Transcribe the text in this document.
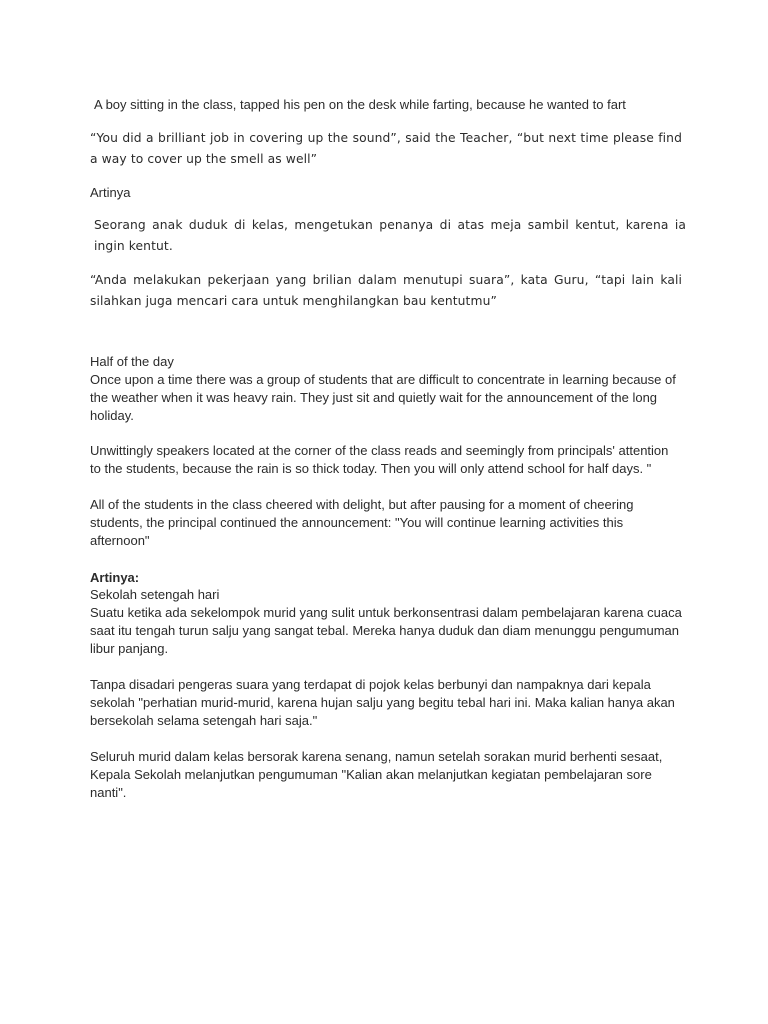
A boy sitting in the class, tapped his pen on the desk while farting, because he wanted to fart

“You did a brilliant job in covering up the sound”, said the Teacher, “but next time please find a way to cover up the smell as well”

Artinya

Seorang anak duduk di kelas, mengetukan penanya di atas meja sambil kentut, karena ia ingin kentut.

“Anda melakukan pekerjaan yang brilian dalam menutupi suara”, kata Guru, “tapi lain kali silahkan juga mencari cara untuk menghilangkan bau kentutmu”

Half of the day

Once upon a time there was a group of students that are difficult to concentrate in learning because of the weather when it was heavy rain. They just sit and quietly wait for the announcement of the long holiday.

Unwittingly speakers located at the corner of the class reads and seemingly from principals' attention to the students, because the rain is so thick today. Then you will only attend school for half days. "

All of the students in the class cheered with delight, but after pausing for a moment of cheering students, the principal continued the announcement: "You will continue learning activities this afternoon"

Artinya:

Sekolah setengah hari

Suatu ketika ada sekelompok murid yang sulit untuk berkonsentrasi dalam pembelajaran karena cuaca saat itu tengah turun salju yang sangat tebal. Mereka hanya duduk dan diam menunggu pengumuman libur panjang.

Tanpa disadari pengeras suara yang terdapat di pojok kelas berbunyi dan nampaknya dari kepala sekolah "perhatian murid-murid, karena hujan salju yang begitu tebal hari ini. Maka kalian hanya akan bersekolah selama setengah hari saja."

Seluruh murid dalam kelas bersorak karena senang, namun setelah sorakan murid berhenti sesaat, Kepala Sekolah melanjutkan pengumuman "Kalian akan melanjutkan kegiatan pembelajaran sore nanti".
